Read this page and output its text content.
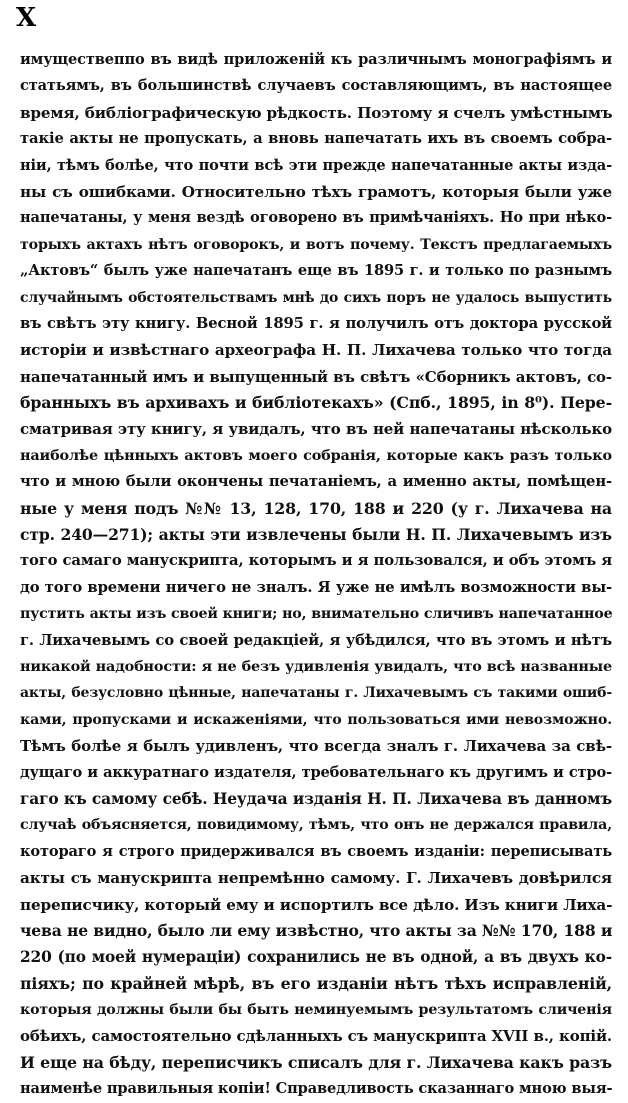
X
имущеcтвеппо въ видѣ приложенiй къ различнымъ монографiямъ и
статьямъ, въ большинствѣ случаевъ составляющимъ, въ настоящее
время, библiографическую рѣдкость. Поэтому я счелъ умѣстнымъ
такiе акты не пропускать, а вновь напечатать ихъ въ своемъ собра-
нiи, тѣмъ болѣе, что почти всѣ эти прежде напечатанные акты изда-
ны съ ошибками. Относительно тѣхъ грамотъ, которыя были уже
напечатаны, у меня вездѣ оговорено въ примѣчанiяхъ. Но при нѣко-
торыхъ актахъ нѣтъ оговорокъ, и вотъ почему. Текстъ предлагаемыхъ
„Актовъ“ былъ уже напечатанъ еще въ 1895 г. и только по разнымъ
случайнымъ обстоятельствамъ мнѣ до сихъ поръ не удалось выпустить
въ свѣтъ эту книгу. Весной 1895 г. я получилъ отъ доктора русской
исторiи и извѣстнаго археографа Н. П. Лихачева только что тогда
напечатанный имъ и выпущенный въ свѣтъ «Сборникъ актовъ, со-
бранныхъ въ архивахъ и библiотекахъ» (Спб., 1895, in 8⁰). Пере-
сматривая эту книгу, я увидалъ, что въ ней напечатаны нѣсколько
наиболѣе цѣнныхъ актовъ моего собранiя, которые какъ разъ только
что и мною были окончены печатанiемъ, а именно акты, помѣщен-
ные у меня подъ №№ 13, 128, 170, 188 и 220 (у г. Лихачева на
стр. 240—271); акты эти извлечены были Н. П. Лихачевымъ изъ
того самаго манускрипта, которымъ и я пользовался, и объ этомъ я
до того времени ничего не зналъ. Я уже не имѣлъ возможности вы-
пустить акты изъ своей книги; но, внимательно сличивъ напечатанное
г. Лихачевымъ со своей редакцiей, я убѣдился, что въ этомъ и нѣтъ
никакой надобности: я не безъ удивленiя увидалъ, что всѣ названные
акты, безусловно цѣнные, напечатаны г. Лихачевымъ съ такими ошиб-
ками, пропусками и искаженiями, что пользоваться ими невозможно.
Тѣмъ болѣе я былъ удивленъ, что всегда зналъ г. Лихачева за свѣ-
дущаго и аккуратнаго издателя, требовательнаго къ другимъ и стро-
гаго къ самому себѣ. Неудача изданiя Н. П. Лихачева въ данномъ
случаѣ объясняется, повидимому, тѣмъ, что онъ не держался правила,
котораго я строго придерживался въ своемъ изданiи: переписывать
акты съ манускрипта непремѣнно самому. Г. Лихачевъ довѣрился
переписчику, который ему и испортилъ все дѣло. Изъ книги Лиха-
чева не видно, было ли ему извѣстно, что акты за №№ 170, 188 и
220 (по моей нумерацiи) сохранились не въ одной, а въ двухъ ко-
пiяхъ; по крайней мѣрѣ, въ его изданiи нѣтъ тѣхъ исправленiй,
которыя должны были бы быть неминуемымъ результатомъ сличенiя
обѣихъ, самостоятельно сдѣланныхъ съ манускрипта XVII в., копiй.
И еще на бѣду, переписчикъ списалъ для г. Лихачева какъ разъ
наименѣе правильныя копiи! Справедливость сказаннаго мною выя-
